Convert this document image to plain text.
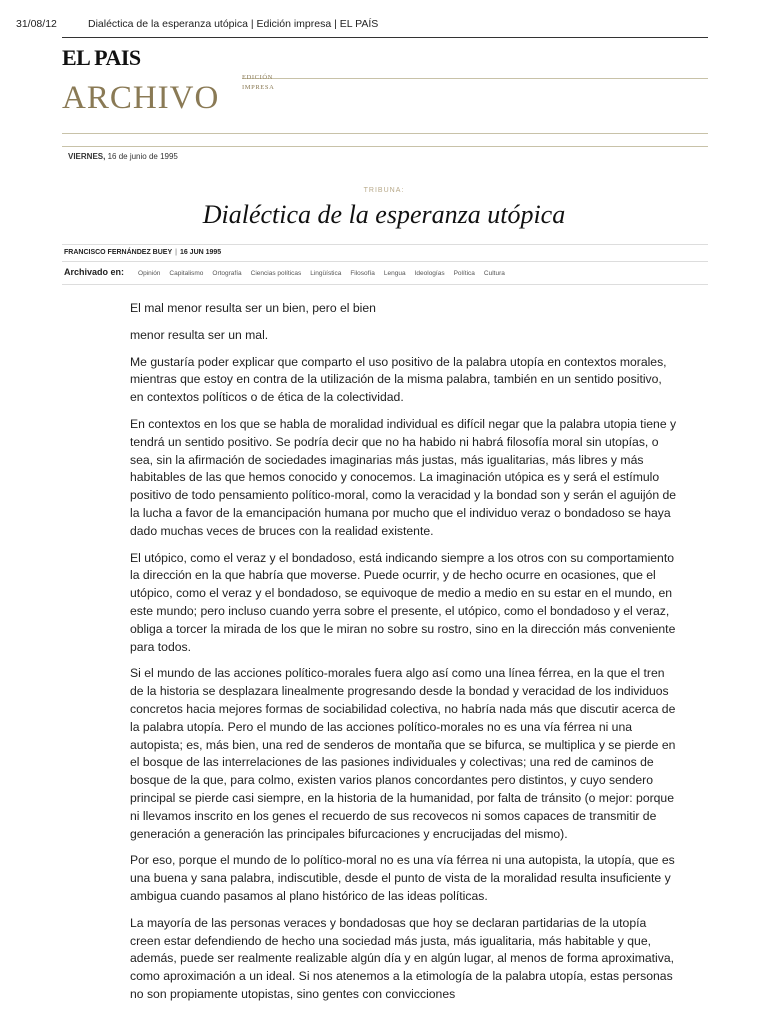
31/08/12	Dialéctica de la esperanza utópica | Edición impresa | EL PAÍS
EL PAIS
ARCHIVO
EDICIÓN
IMPRESA
VIERNES, 16 de junio de 1995
TRIBUNA:
Dialéctica de la esperanza utópica
FRANCISCO FERNÁNDEZ BUEY | 16 JUN 1995
Archivado en: Opinión Capitalismo Ortografía Ciencias políticas Lingüística Filosofía Lengua Ideologías Política Cultura

El mal menor resulta ser un bien, pero el bien

menor resulta ser un mal.

Me gustaría poder explicar que comparto el uso positivo de la palabra utopía en contextos morales, mientras que estoy en contra de la utilización de la misma palabra, también en un sentido positivo, en contextos políticos o de ética de la colectividad.

En contextos en los que se habla de moralidad individual es difícil negar que la palabra utopia tiene y tendrá un sentido positivo. Se podría decir que no ha habido ni habrá filosofía moral sin utopías, o sea, sin la afirmación de sociedades imaginarias más justas, más igualitarias, más libres y más habitables de las que hemos conocido y conocemos. La imaginación utópica es y será el estímulo positivo de todo pensamiento político-moral, como la veracidad y la bondad son y serán el aguijón de la lucha a favor de la emancipación humana por mucho que el individuo veraz o bondadoso se haya dado muchas veces de bruces con la realidad existente.

El utópico, como el veraz y el bondadoso, está indicando siempre a los otros con su comportamiento la dirección en la que habría que moverse. Puede ocurrir, y de hecho ocurre en ocasiones, que el utópico, como el veraz y el bondadoso, se equivoque de medio a medio en su estar en el mundo, en este mundo; pero incluso cuando yerra sobre el presente, el utópico, como el bondadoso y el veraz, obliga a torcer la mirada de los que le miran no sobre su rostro, sino en la dirección más conveniente para todos.

Si el mundo de las acciones político-morales fuera algo así como una línea férrea, en la que el tren de la historia se desplazara linealmente progresando desde la bondad y veracidad de los individuos concretos hacia mejores formas de sociabilidad colectiva, no habría nada más que discutir acerca de la palabra utopía. Pero el mundo de las acciones político-morales no es una vía férrea ni una autopista; es, más bien, una red de senderos de montaña que se bifurca, se multiplica y se pierde en el bosque de las interrelaciones de las pasiones individuales y colectivas; una red de caminos de bosque de la que, para colmo, existen varios planos concordantes pero distintos, y cuyo sendero principal se pierde casi siempre, en la historia de la humanidad, por falta de tránsito (o mejor: porque ni llevamos inscrito en los genes el recuerdo de sus recovecos ni somos capaces de transmitir de generación a generación las principales bifurcaciones y encrucijadas del mismo).

Por eso, porque el mundo de lo político-moral no es una vía férrea ni una autopista, la utopía, que es una buena y sana palabra, indiscutible, desde el punto de vista de la moralidad resulta insuficiente y ambigua cuando pasamos al plano histórico de las ideas políticas.

La mayoría de las personas veraces y bondadosas que hoy se declaran partidarias de la utopía creen estar defendiendo de hecho una sociedad más justa, más igualitaria, más habitable y que, además, puede ser realmente realizable algún día y en algún lugar, al menos de forma aproximativa, como aproximación a un ideal. Si nos atenemos a la etimología de la palabra utopía, estas personas no son propiamente utopistas, sino gentes con convicciones
